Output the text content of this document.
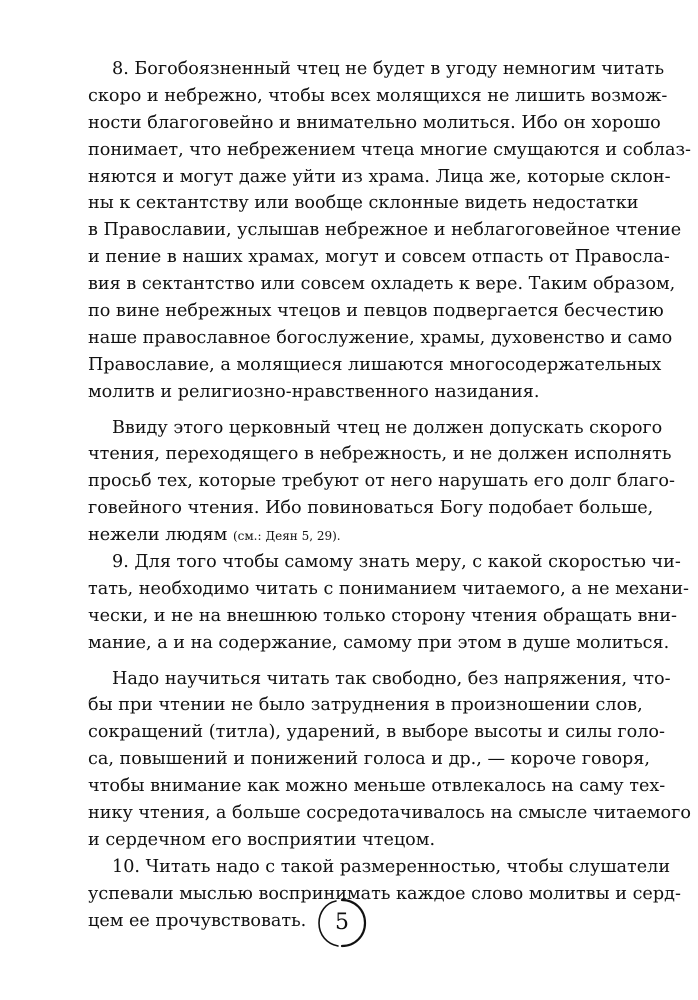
8. Богобоязненный чтец не будет в угоду немногим читать
скоро и небрежно, чтобы всех молящихся не лишить возмож-
ности благоговейно и внимательно молиться. Ибо он хорошо
понимает, что небрежением чтеца многие смущаются и соблаз-
няются и могут даже уйти из храма. Лица же, которые склон-
ны к сектантству или вообще склонные видеть недостатки
в Православии, услышав небрежное и неблагоговейное чтение
и пение в наших храмах, могут и совсем отпасть от Правосла-
вия в сектантство или совсем охладеть к вере. Таким образом,
по вине небрежных чтецов и певцов подвергается бесчестию
наше православное богослужение, храмы, духовенство и само
Православие, а молящиеся лишаются многосодержательных
молитв и религиозно-нравственного назидания.
Ввиду этого церковный чтец не должен допускать скорого
чтения, переходящего в небрежность, и не должен исполнять
просьб тех, которые требуют от него нарушать его долг благо-
говейного чтения. Ибо повиноваться Богу подобает больше,
нежели людям (см.: Деян 5, 29).
9. Для того чтобы самому знать меру, с какой скоростью чи-
тать, необходимо читать с пониманием читаемого, а не механи-
чески, и не на внешнюю только сторону чтения обращать вни-
мание, а и на содержание, самому при этом в душе молиться.
Надо научиться читать так свободно, без напряжения, что-
бы при чтении не было затруднения в произношении слов,
сокращений (титла), ударений, в выборе высоты и силы голо-
са, повышений и понижений голоса и др., — короче говоря,
чтобы внимание как можно меньше отвлекалось на саму тех-
нику чтения, а больше сосредотачивалось на смысле читаемого
и сердечном его восприятии чтецом.
10. Читать надо с такой размеренностью, чтобы слушатели
успевали мыслью воспринимать каждое слово молитвы и серд-
цем ее прочувствовать.	5
